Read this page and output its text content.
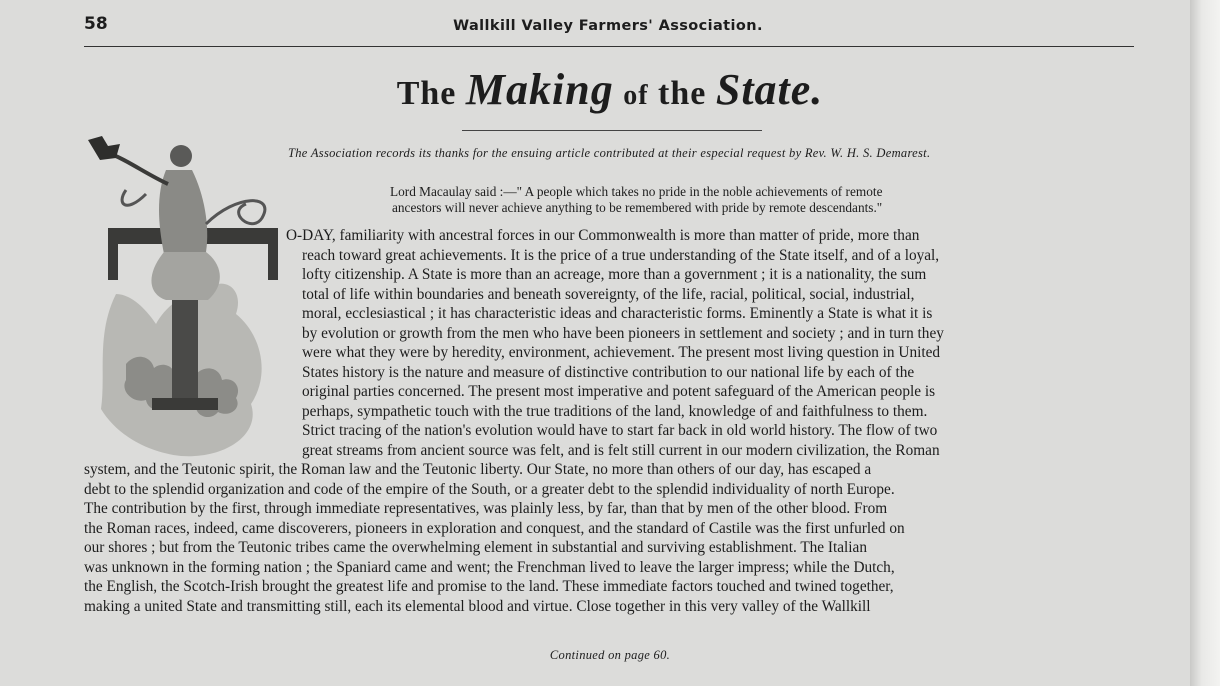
58	Wallkill Valley Farmers' Association.
The Making of the State.
The Association records its thanks for the ensuing article contributed at their especial request by Rev. W. H. S. Demarest.

Lord Macaulay said :—" A people which takes no pride in the noble achievements of remote

ancestors will never achieve anything to be remembered with pride by remote descendants."

O-DAY, familiarity with ancestral forces in our Commonwealth is more than matter of pride, more than

reach toward great achievements. It is the price of a true understanding of the State itself, and of a loyal,

lofty citizenship. A State is more than an acreage, more than a government ; it is a nationality, the sum

total of life within boundaries and beneath sovereignty, of the life, racial, political, social, industrial,

moral, ecclesiastical ; it has characteristic ideas and characteristic forms. Eminently a State is what it is

by evolution or growth from the men who have been pioneers in settlement and society ; and in turn they

were what they were by heredity, environment, achievement. The present most living question in United

States history is the nature and measure of distinctive contribution to our national life by each of the

original parties concerned. The present most imperative and potent safeguard of the American people is

perhaps, sympathetic touch with the true traditions of the land, knowledge of and faithfulness to them.

Strict tracing of the nation's evolution would have to start far back in old world history. The flow of two

great streams from ancient source was felt, and is felt still current in our modern civilization, the Roman

system, and the Teutonic spirit, the Roman law and the Teutonic liberty. Our State, no more than others of our day, has escaped a

debt to the splendid organization and code of the empire of the South, or a greater debt to the splendid individuality of north Europe.

The contribution by the first, through immediate representatives, was plainly less, by far, than that by men of the other blood. From

the Roman races, indeed, came discoverers, pioneers in exploration and conquest, and the standard of Castile was the first unfurled on

our shores ; but from the Teutonic tribes came the overwhelming element in substantial and surviving establishment. The Italian

was unknown in the forming nation ; the Spaniard came and went; the Frenchman lived to leave the larger impress; while the Dutch,

the English, the Scotch-Irish brought the greatest life and promise to the land. These immediate factors touched and twined together,

making a united State and transmitting still, each its elemental blood and virtue. Close together in this very valley of the Wallkill

Continued on page 60.
